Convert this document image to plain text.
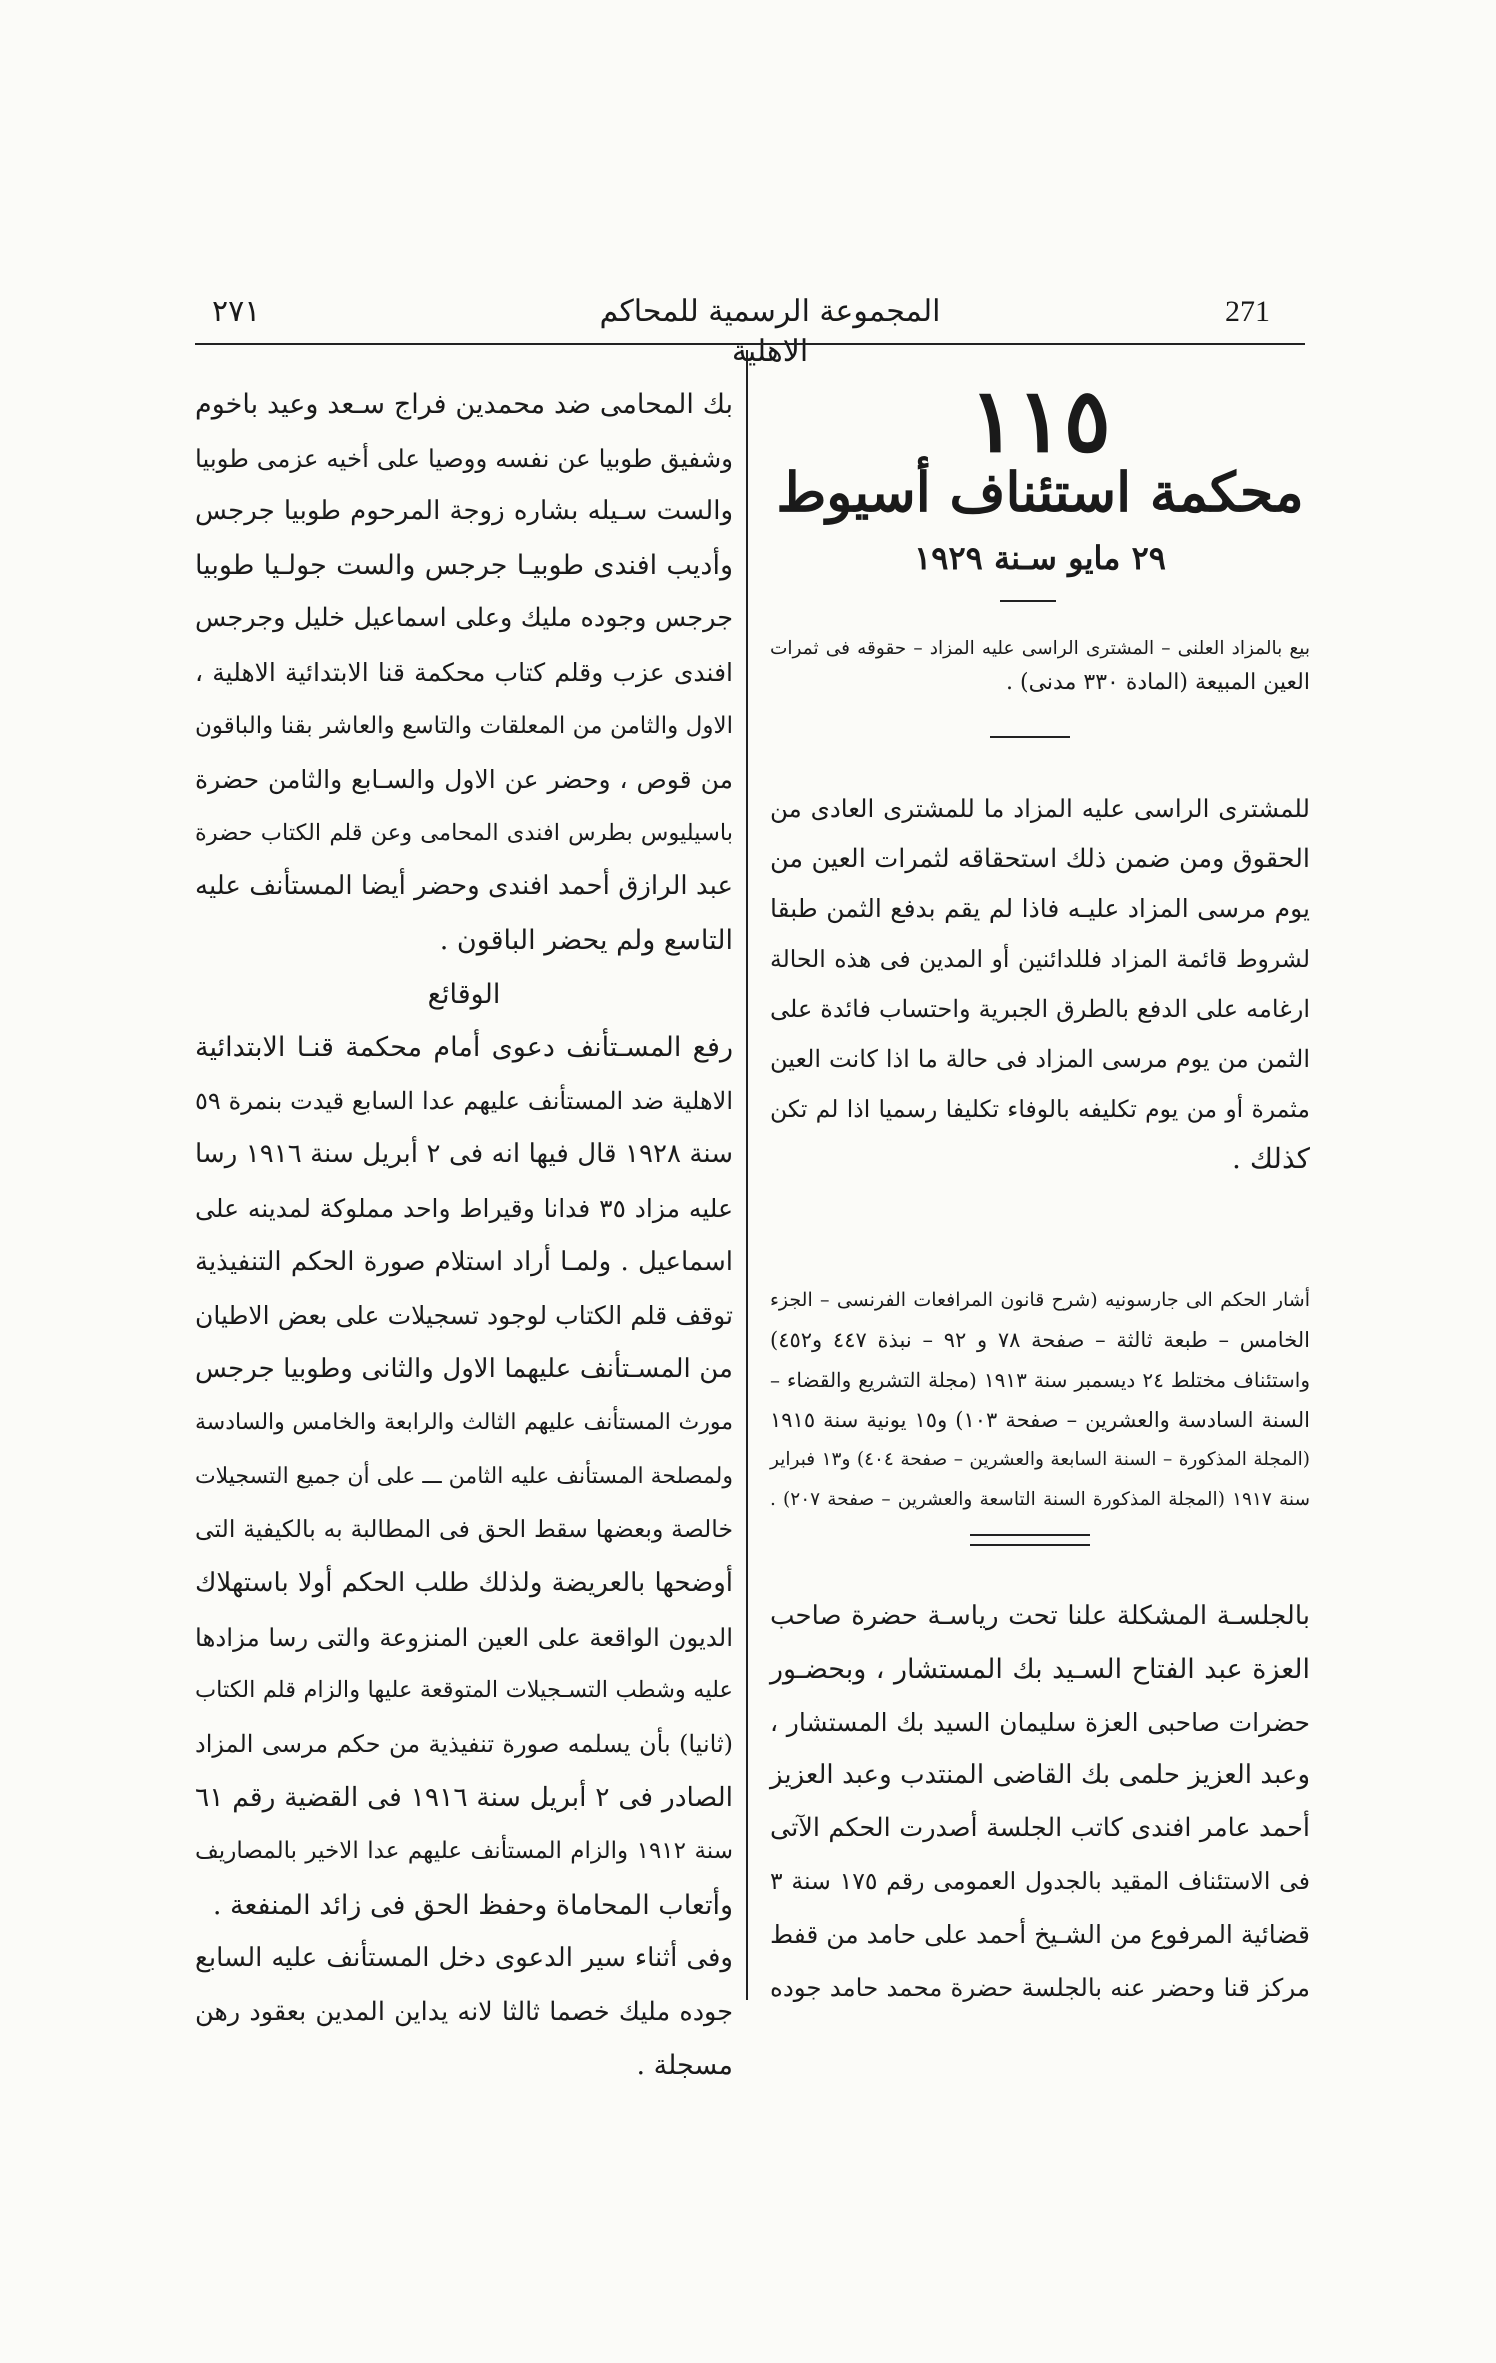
٢٧١	المجموعة الرسمية للمحاكم الاهلية
271
١١٥
محكمة استئناف أسيوط
٢٩ مايو سـنة ١٩٢٩
بيع بالمزاد العلنى – المشترى الراسى عليه المزاد – حقوقه فى ثمرات
العين المبيعة (المادة ٣٣٠ مدنى) .
للمشترى الراسى عليه المزاد ما للمشترى العادى من
الحقوق ومن ضمن ذلك استحقاقه لثمرات العين من
يوم مرسى المزاد عليـه فاذا لم يقم بدفع الثمن طبقا
لشروط قائمة المزاد فللدائنين أو المدين فى هذه الحالة
ارغامه على الدفع بالطرق الجبرية واحتساب فائدة على
الثمن من يوم مرسى المزاد فى حالة ما اذا كانت العين
مثمرة أو من يوم تكليفه بالوفاء تكليفا رسميا اذا لم تكن
كذلك .
أشار الحكم الى جارسونيه (شرح قانون المرافعات الفرنسى – الجزء
الخامس – طبعة ثالثة – صفحة ٧٨ و ٩٢ – نبذة ٤٤٧ و٤٥٢)
واستئناف مختلط ٢٤ ديسمبر سنة ١٩١٣ (مجلة التشريع والقضاء –
السنة السادسة والعشرين – صفحة ١٠٣) و١٥ يونية سنة ١٩١٥
(المجلة المذكورة – السنة السابعة والعشرين – صفحة ٤٠٤) و١٣ فبراير
سنة ١٩١٧ (المجلة المذكورة السنة التاسعة والعشرين – صفحة ٢٠٧) .
بالجلسـة المشكلة علنا تحت رياسـة حضرة صاحب
العزة عبد الفتاح السـيد بك المستشار ، وبحضـور
حضرات صاحبى العزة سليمان السيد بك المستشار ،
وعبد العزيز حلمى بك القاضى المنتدب وعبد العزيز
أحمد عامر افندى كاتب الجلسة أصدرت الحكم الآتى
فى الاستئناف المقيد بالجدول العمومى رقم ١٧٥ سنة ٣
قضائية المرفوع من الشـيخ أحمد على حامد من قفط
مركز قنا وحضر عنه بالجلسة حضرة محمد حامد جوده

بك المحامى ضد محمدين فراج سـعد وعيد باخوم
وشفيق طوبيا عن نفسه ووصيا على أخيه عزمى طوبيا
والست سـيله بشاره زوجة المرحوم طوبيا جرجس
وأديب افندى طوبيـا جرجس والست جولـيا طوبيا
جرجس وجوده مليك وعلى اسماعيل خليل وجرجس
افندى عزب وقلم كتاب محكمة قنا الابتدائية الاهلية ،
الاول والثامن من المعلقات والتاسع والعاشر بقنا والباقون
من قوص ، وحضر عن الاول والسـابع والثامن حضرة
باسيليوس بطرس افندى المحامى وعن قلم الكتاب حضرة
عبد الرازق أحمد افندى وحضر أيضا المستأنف عليه
التاسع ولم يحضر الباقون .

الوقائع

رفع المسـتأنف دعوى أمام محكمة قنـا الابتدائية
الاهلية ضد المستأنف عليهم عدا السابع قيدت بنمرة ٥٩
سنة ١٩٢٨ قال فيها انه فى ٢ أبريل سنة ١٩١٦ رسا
عليه مزاد ٣٥ فدانا وقيراط واحد مملوكة لمدينه على
اسماعيل . ولمـا أراد استلام صورة الحكم التنفيذية
توقف قلم الكتاب لوجود تسجيلات على بعض الاطيان
من المسـتأنف عليهما الاول والثانى وطوبيا جرجس
مورث المستأنف عليهم الثالث والرابعة والخامس والسادسة
ولمصلحة المستأنف عليه الثامن ـــ على أن جميع التسجيلات
خالصة وبعضها سقط الحق فى المطالبة به بالكيفية التى
أوضحها بالعريضة ولذلك طلب الحكم أولا باستهلاك
الديون الواقعة على العين المنزوعة والتى رسا مزادها
عليه وشطب التسـجيلات المتوقعة عليها والزام قلم الكتاب
(ثانيا) بأن يسلمه صورة تنفيذية من حكم مرسى المزاد
الصادر فى ٢ أبريل سنة ١٩١٦ فى القضية رقم ٦١
سنة ١٩١٢ والزام المستأنف عليهم عدا الاخير بالمصاريف
وأتعاب المحاماة وحفظ الحق فى زائد المنفعة .

وفى أثناء سير الدعوى دخل المستأنف عليه السابع
جوده مليك خصما ثالثا لانه يداين المدين بعقود رهن
مسجلة .
